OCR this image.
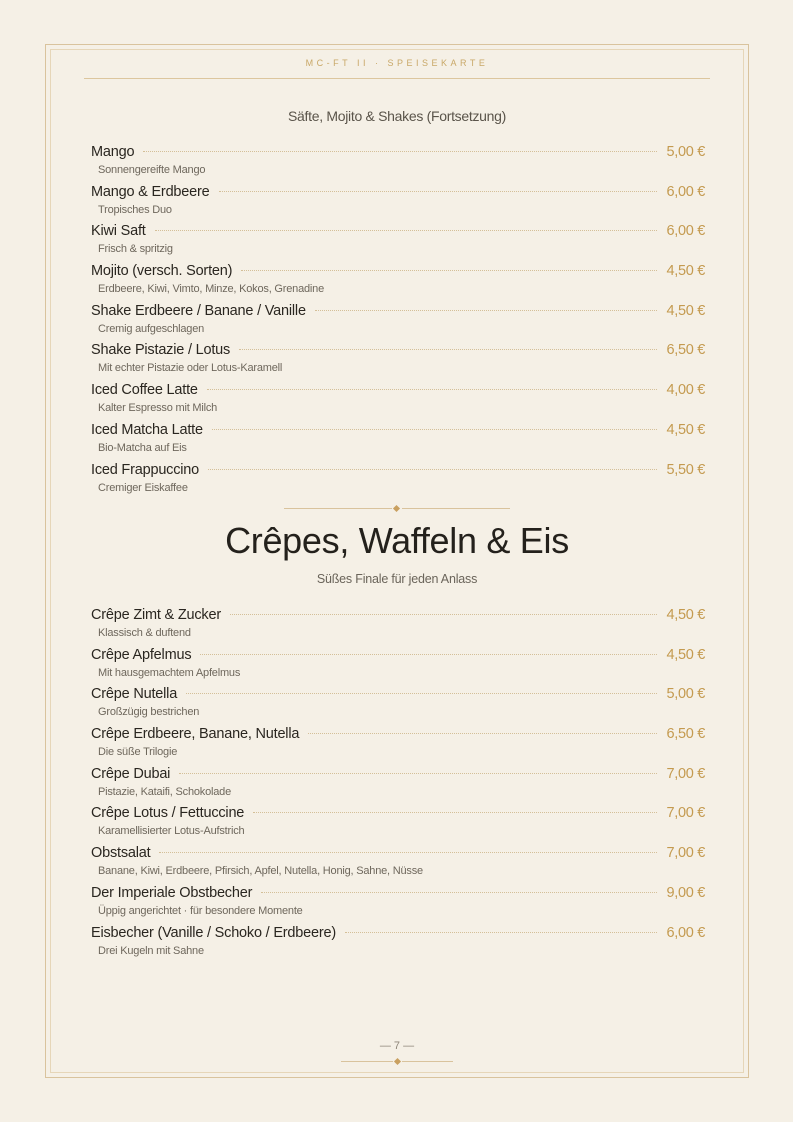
MC-FT II · SPEISEKARTE
Säfte, Mojito & Shakes (Fortsetzung)
Mango	5,00 €
Sonnengereifte Mango
Mango & Erdbeere	6,00 €
Tropisches Duo
Kiwi Saft	6,00 €
Frisch & spritzig
Mojito (versch. Sorten)	4,50 €
Erdbeere, Kiwi, Vimto, Minze, Kokos, Grenadine
Shake Erdbeere / Banane / Vanille	4,50 €
Cremig aufgeschlagen
Shake Pistazie / Lotus	6,50 €
Mit echter Pistazie oder Lotus-Karamell
Iced Coffee Latte	4,00 €
Kalter Espresso mit Milch
Iced Matcha Latte	4,50 €
Bio-Matcha auf Eis
Iced Frappuccino	5,50 €
Cremiger Eiskaffee
Crêpes, Waffeln & Eis
Süßes Finale für jeden Anlass
Crêpe Zimt & Zucker	4,50 €
Klassisch & duftend
Crêpe Apfelmus	4,50 €
Mit hausgemachtem Apfelmus
Crêpe Nutella	5,00 €
Großzügig bestrichen
Crêpe Erdbeere, Banane, Nutella	6,50 €
Die süße Trilogie
Crêpe Dubai	7,00 €
Pistazie, Kataifi, Schokolade
Crêpe Lotus / Fettuccine	7,00 €
Karamellisierter Lotus-Aufstrich
Obstsalat	7,00 €
Banane, Kiwi, Erdbeere, Pfirsich, Apfel, Nutella, Honig, Sahne, Nüsse
Der Imperiale Obstbecher	9,00 €
Üppig angerichtet · für besondere Momente
Eisbecher (Vanille / Schoko / Erdbeere)	6,00 €
Drei Kugeln mit Sahne
— 7 —
